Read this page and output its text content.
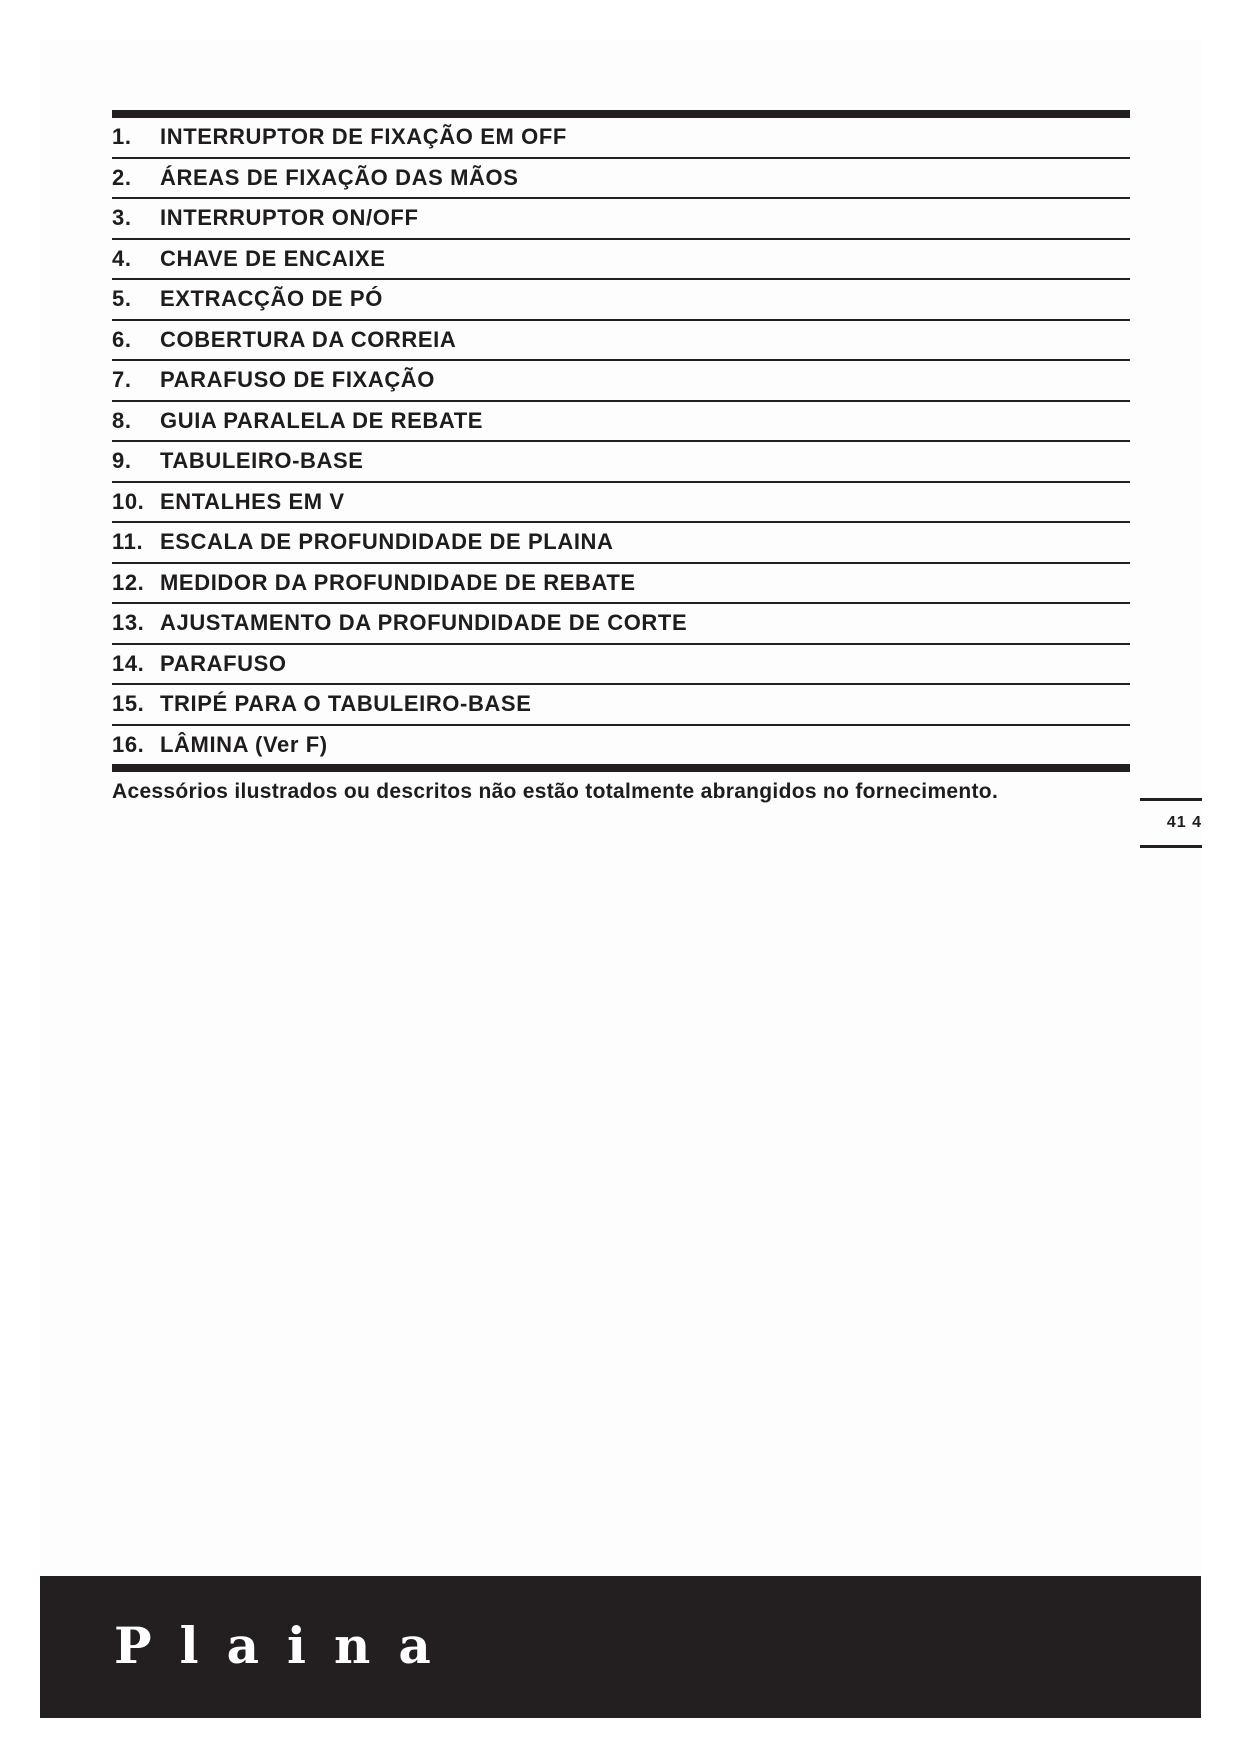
1.	INTERRUPTOR DE FIXAÇÃO EM OFF
2.	ÁREAS DE FIXAÇÃO DAS MÃOS
3.	INTERRUPTOR ON/OFF
4.	CHAVE DE ENCAIXE
5.	EXTRACÇÃO DE PÓ
6.	COBERTURA DA CORREIA
7.	PARAFUSO DE FIXAÇÃO
8.	GUIA PARALELA DE REBATE
9.	TABULEIRO-BASE
10. ENTALHES EM V
11. ESCALA DE PROFUNDIDADE DE PLAINA
12. MEDIDOR DA PROFUNDIDADE DE REBATE
13. AJUSTAMENTO DA PROFUNDIDADE DE CORTE
14. PARAFUSO
15. TRIPÉ PARA O TABULEIRO-BASE
16. LÂMINA (Ver F)
Acessórios ilustrados ou descritos não estão totalmente abrangidos no fornecimento.
41 4
Plaina
